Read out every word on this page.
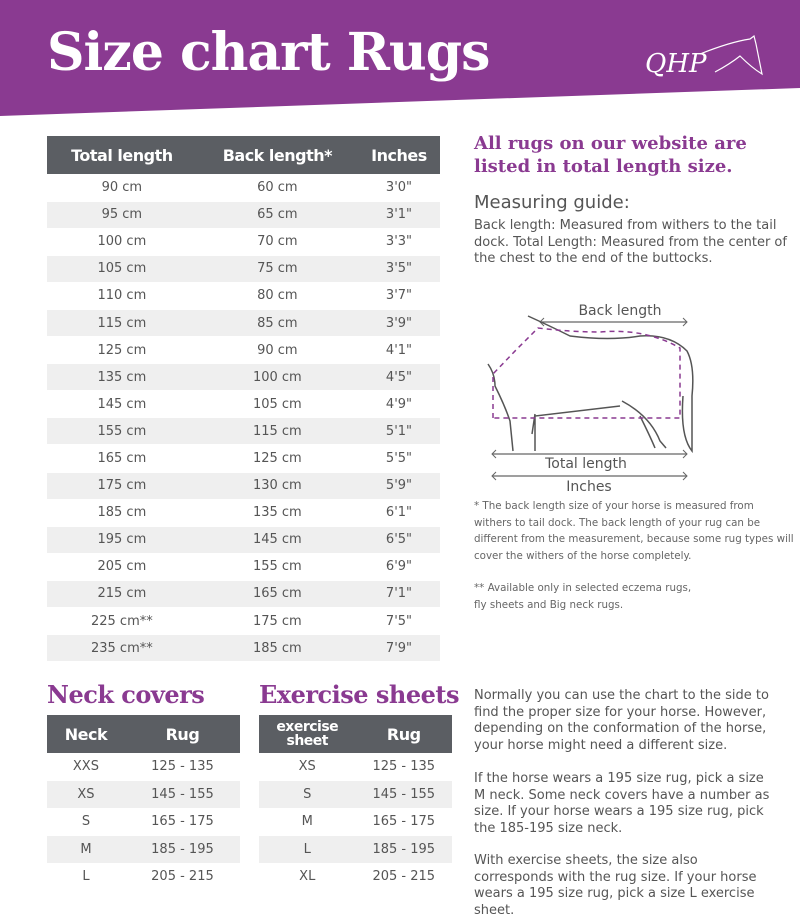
Size chart Rugs	QHP
Total length	Back length*	Inches
90 cm	60 cm	3'0"
95 cm	65 cm	3'1"
100 cm	70 cm	3'3"
105 cm	75 cm	3'5"
110 cm	80 cm	3'7"
115 cm	85 cm	3'9"
125 cm	90 cm	4'1"
135 cm	100 cm	4'5"
145 cm	105 cm	4'9"
155 cm	115 cm	5'1"
165 cm	125 cm	5'5"
175 cm	130 cm	5'9"
185 cm	135 cm	6'1"
195 cm	145 cm	6'5"
205 cm	155 cm	6'9"
215 cm	165 cm	7'1"
225 cm**	175 cm	7'5"
235 cm**	185 cm	7'9"
All rugs on our website are listed in total length size.
Measuring guide:
Back length: Measured from withers to the tail dock. Total Length: Measured from the center of the chest to the end of the buttocks.
Back length
Total length
Inches
* The back length size of your horse is measured from withers to tail dock. The back length of your rug can be different from the measurement, because some rug types will cover the withers of the horse completely.
** Available only in selected eczema rugs, fly sheets and Big neck rugs.
Neck covers Exercise sheets
Neck	Rug
XXS	125 - 135
XS	145 - 155
S	165 - 175
M	185 - 195
L	205 - 215
exercise sheet	Rug
XS	125 - 135
S	145 - 155
M	165 - 175
L	185 - 195
XL	205 - 215
Normally you can use the chart to the side to find the proper size for your horse. However, depending on the conformation of the horse, your horse might need a different size.
If the horse wears a 195 size rug, pick a size M neck. Some neck covers have a number as size. If your horse wears a 195 size rug, pick the 185-195 size neck.
With exercise sheets, the size also corresponds with the rug size. If your horse wears a 195 size rug, pick a size L exercise sheet.
